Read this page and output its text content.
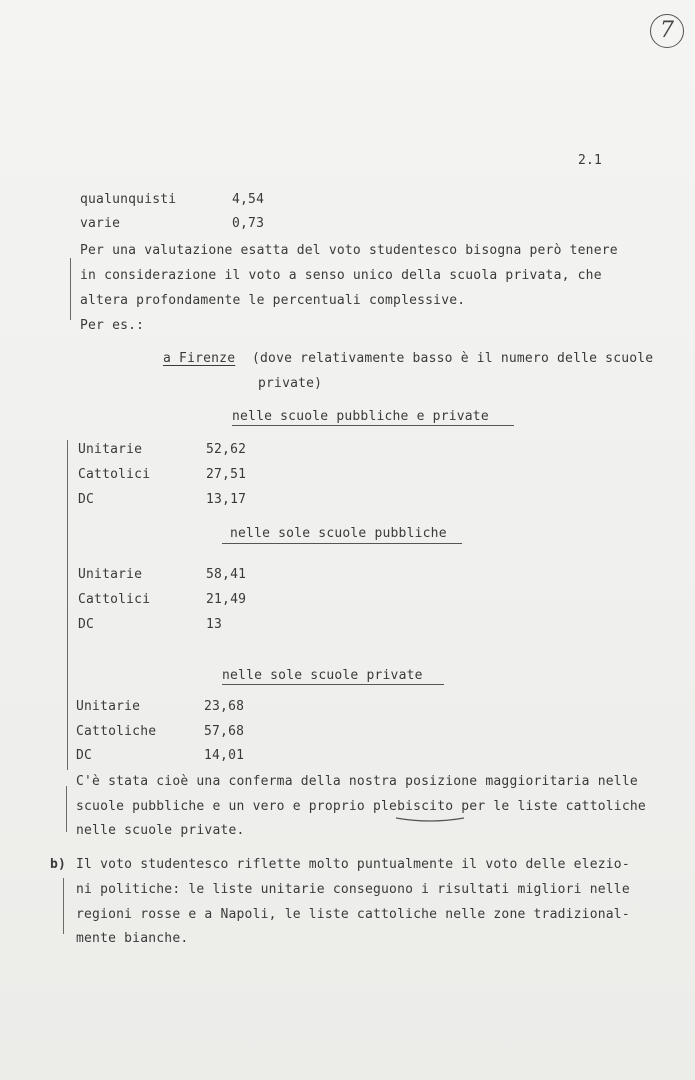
7
2.1
qualunquisti	4,54
varie	0,73
Per una valutazione esatta del voto studentesco bisogna però tenere
in considerazione il voto a senso unico della scuola privata, che
altera profondamente le percentuali complessive.
Per es.:
a Firenze (dove relativamente basso è il numero delle scuole
private)
nelle scuole pubbliche e private
Unitarie	52,62
Cattolici	27,51
DC	13,17
nelle sole scuole pubbliche
Unitarie	58,41
Cattolici	21,49
DC	13
nelle sole scuole private
Unitarie	23,68
Cattoliche	57,68
DC	14,01
C'è stata cioè una conferma della nostra posizione maggioritaria nelle
scuole pubbliche e un vero e proprio plebiscito per le liste cattoliche
nelle scuole private.
b) Il voto studentesco riflette molto puntualmente il voto delle elezio-
ni politiche: le liste unitarie conseguono i risultati migliori nelle
regioni rosse e a Napoli, le liste cattoliche nelle zone tradizional-
mente bianche.
